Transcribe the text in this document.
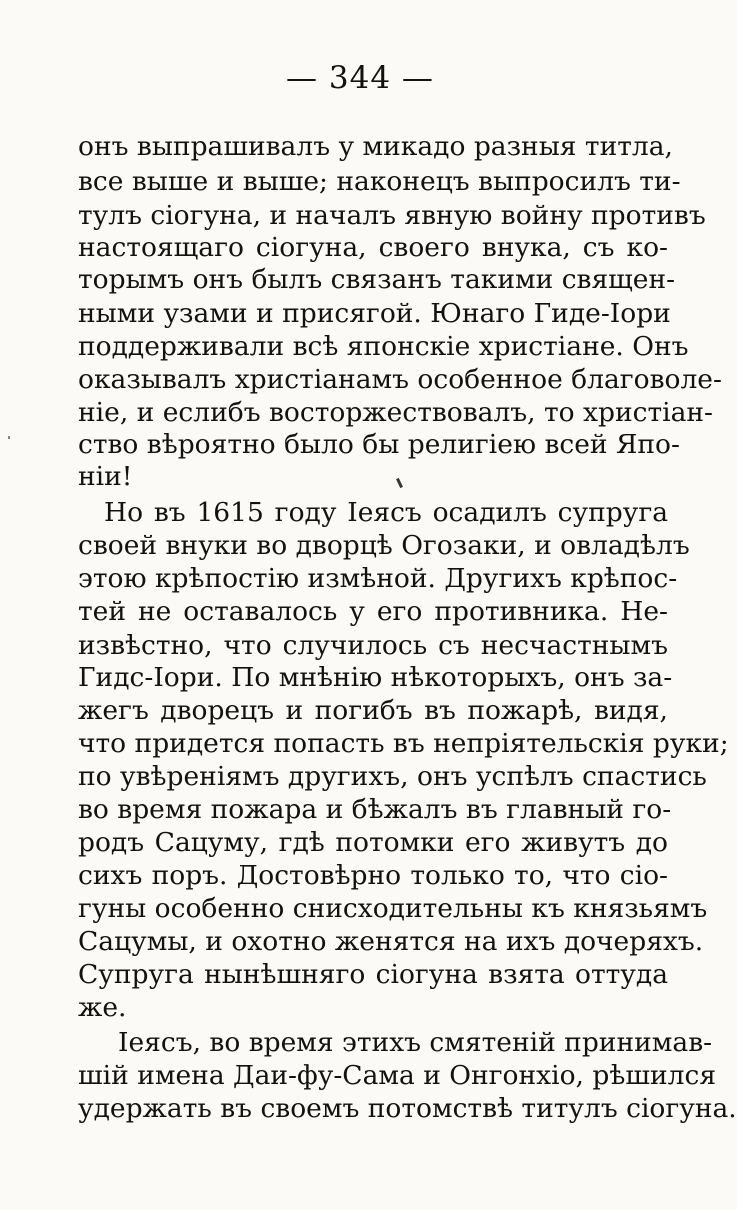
— 344 —
онъ выпрашивалъ у микадо разныя титла,
все выше и выше; наконецъ выпросилъ ти-
тулъ сіогуна, и началъ явную войну противъ
настоящаго сіогуна, своего внука, съ ко-
торымъ онъ былъ связанъ такими священ-
ными узами и присягой. Юнаго Гиде-Іори
поддерживали всѣ японскіе христіане. Онъ
оказывалъ христіанамъ особенное благоволе-
ніе, и еслибъ восторжествовалъ, то христіан-
ство вѣроятно было бы религіею всей Япо-
ніи!
Но въ 1615 году Іеясъ осадилъ супруга
своей внуки во дворцѣ Огозаки, и овладѣлъ
этою крѣпостію измѣной. Другихъ крѣпос-
тей не оставалось у его противника. Не-
извѣстно, что случилось съ несчастнымъ
Гидс-Іори. По мнѣнію нѣкоторыхъ, онъ за-
жегъ дворецъ и погибъ въ пожарѣ, видя,
что придется попасть въ непріятельскія руки;
по увѣреніямъ другихъ, онъ успѣлъ спастись
во время пожара и бѣжалъ въ главный го-
родъ Сацуму, гдѣ потомки его живутъ до
сихъ поръ. Достовѣрно только то, что сіо-
гуны особенно снисходительны къ князьямъ
Сацумы, и охотно женятся на ихъ дочеряхъ.
Супруга нынѣшняго сіогуна взята оттуда
же.
Іеясъ, во время этихъ смятеній принимав-
шій имена Даи-фу-Сама и Онгонхіо, рѣшился
удержать въ своемъ потомствѣ титулъ сіогуна.
